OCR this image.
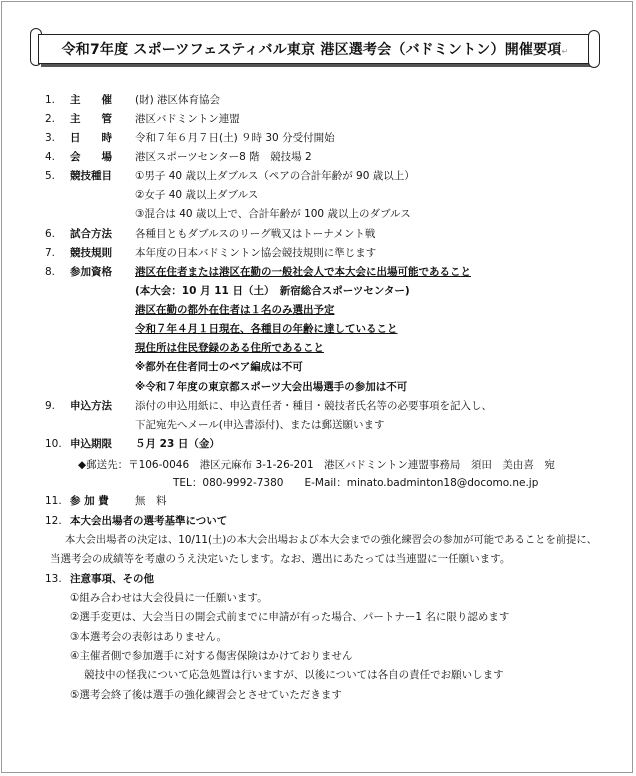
令和7年度 スポーツフェスティバル東京 港区選考会（バドミントン）開催要項↵
1. 主　　催 (財) 港区体育協会
2. 主　　管 港区バドミントン連盟
3. 日　　時 令和７年６月７日(土) ９時 30 分受付開始
4. 会　　場 港区スポーツセンター8 階　競技場 2
5. 競技種目 ①男子 40 歳以上ダブルス（ペアの合計年齢が 90 歳以上）
②女子 40 歳以上ダブルス
③混合は 40 歳以上で、合計年齢が 100 歳以上のダブルス
6. 試合方法 各種目ともダブルスのリーグ戦又はトーナメント戦
7. 競技規則 本年度の日本バドミントン協会競技規則に準じます
8. 参加資格 港区在住者または港区在勤の一般社会人で本大会に出場可能であること
(本大会：10 月 11 日（土）　新宿総合スポーツセンター)
港区在勤の都外在住者は１名のみ選出予定
令和７年４月１日現在、各種目の年齢に達していること
現住所は住民登録のある住所であること
※都外在住者同士のペア編成は不可
※令和７年度の東京都スポーツ大会出場選手の参加は不可
9. 申込方法 添付の申込用紙に、申込責任者・種目・競技者氏名等の必要事項を記入し、
下記宛先へメール(申込書添付)、または郵送願います
10. 申込期限 ５月 23 日（金）
◆郵送先：〒106-0046　港区元麻布 3-1-26-201　港区バドミントン連盟事務局　須田　美由喜　宛
TEL：080-9992-7380　　E-Mail：minato.badminton18@docomo.ne.jp
11. 参 加 費 無　料
12. 本大会出場者の選考基準について
本大会出場者の決定は、10/11(土)の本大会出場および本大会までの強化練習会の参加が可能であることを前提に、
当選考会の成績等を考慮のうえ決定いたします。なお、選出にあたっては当連盟に一任願います。
13. 注意事項、その他
①組み合わせは大会役員に一任願います。
②選手変更は、大会当日の開会式前までに申請が有った場合、パートナー1 名に限り認めます
③本選考会の表彰はありません。
④主催者側で参加選手に対する傷害保険はかけておりません
競技中の怪我について応急処置は行いますが、以後については各自の責任でお願いします
⑤選考会終了後は選手の強化練習会とさせていただきます
